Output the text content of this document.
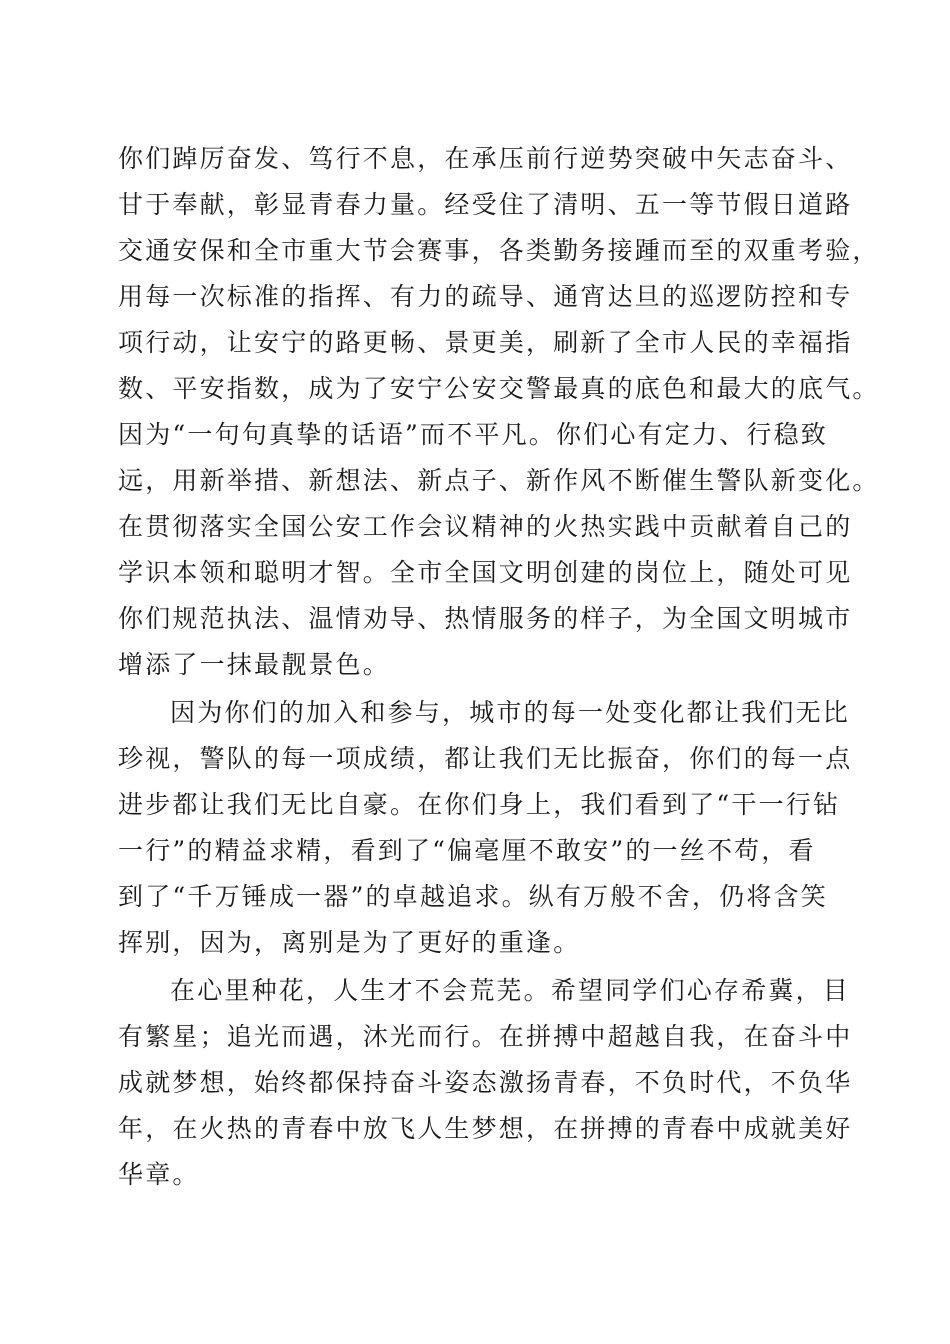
你们踔厉奋发、笃行不息，在承压前行逆势突破中矢志奋斗、
甘于奉献，彰显青春力量。经受住了清明、五一等节假日道路
交通安保和全市重大节会赛事，各类勤务接踵而至的双重考验，
用每一次标准的指挥、有力的疏导、通宵达旦的巡逻防控和专
项行动，让安宁的路更畅、景更美，刷新了全市人民的幸福指
数、平安指数，成为了安宁公安交警最真的底色和最大的底气。
因为“一句句真挚的话语”而不平凡。你们心有定力、行稳致
远，用新举措、新想法、新点子、新作风不断催生警队新变化。
在贯彻落实全国公安工作会议精神的火热实践中贡献着自己的
学识本领和聪明才智。全市全国文明创建的岗位上，随处可见
你们规范执法、温情劝导、热情服务的样子，为全国文明城市
增添了一抹最靓景色。
因为你们的加入和参与，城市的每一处变化都让我们无比
珍视，警队的每一项成绩，都让我们无比振奋，你们的每一点
进步都让我们无比自豪。在你们身上，我们看到了“干一行钻
一行”的精益求精，看到了“偏毫厘不敢安”的一丝不苟，看
到了“千万锤成一器”的卓越追求。纵有万般不舍，仍将含笑
挥别，因为，离别是为了更好的重逢。
在心里种花，人生才不会荒芜。希望同学们心存希冀，目
有繁星；追光而遇，沐光而行。在拼搏中超越自我，在奋斗中
成就梦想，始终都保持奋斗姿态激扬青春，不负时代，不负华
年，在火热的青春中放飞人生梦想，在拼搏的青春中成就美好
华章。
